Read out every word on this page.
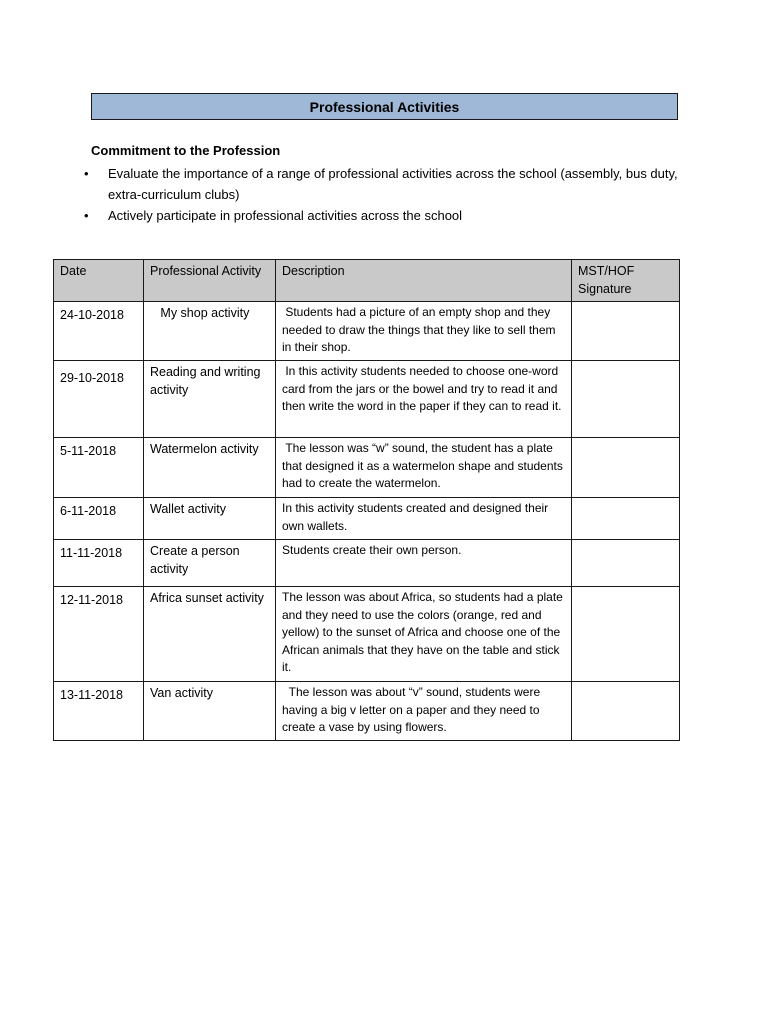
Professional Activities
Commitment to the Profession
• Evaluate the importance of a range of professional activities across the school (assembly, bus duty, extra-curriculum clubs)
• Actively participate in professional activities across the school
Date	Professional Activity	Description	MST/HOF Signature
24-10-2018	My shop activity	Students had a picture of an empty shop and they needed to draw the things that they like to sell them in their shop.	
29-10-2018	Reading and writing activity	In this activity students needed to choose one-word card from the jars or the bowel and try to read it and then write the word in the paper if they can to read it.	
5-11-2018	Watermelon activity	The lesson was “w” sound, the student has a plate that designed it as a watermelon shape and students had to create the watermelon.	
6-11-2018	Wallet activity	In this activity students created and designed their own wallets.	
11-11-2018	Create a person activity	Students create their own person.	
12-11-2018	Africa sunset activity	The lesson was about Africa, so students had a plate and they need to use the colors (orange, red and yellow) to the sunset of Africa and choose one of the African animals that they have on the table and stick it.	
13-11-2018	Van activity	The lesson was about “v” sound, students were having a big v letter on a paper and they need to create a vase by using flowers.	
